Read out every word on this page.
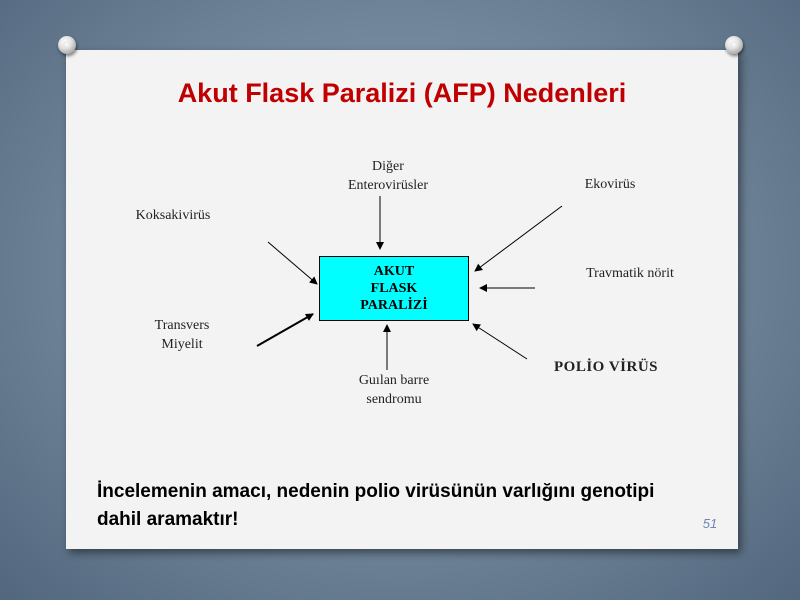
Akut Flask Paralizi (AFP) Nedenleri
AKUT
FLASK
PARALİZİ
Diğer
Enterovirüsler	Ekovirüs
Koksakivirüs
Travmatik nörit
Transvers
Miyelit
Guılan barre
sendromu
POLİO VİRÜS
İncelemenin amacı, nedenin polio virüsünün varlığını genotipi dahil aramaktır!	51
